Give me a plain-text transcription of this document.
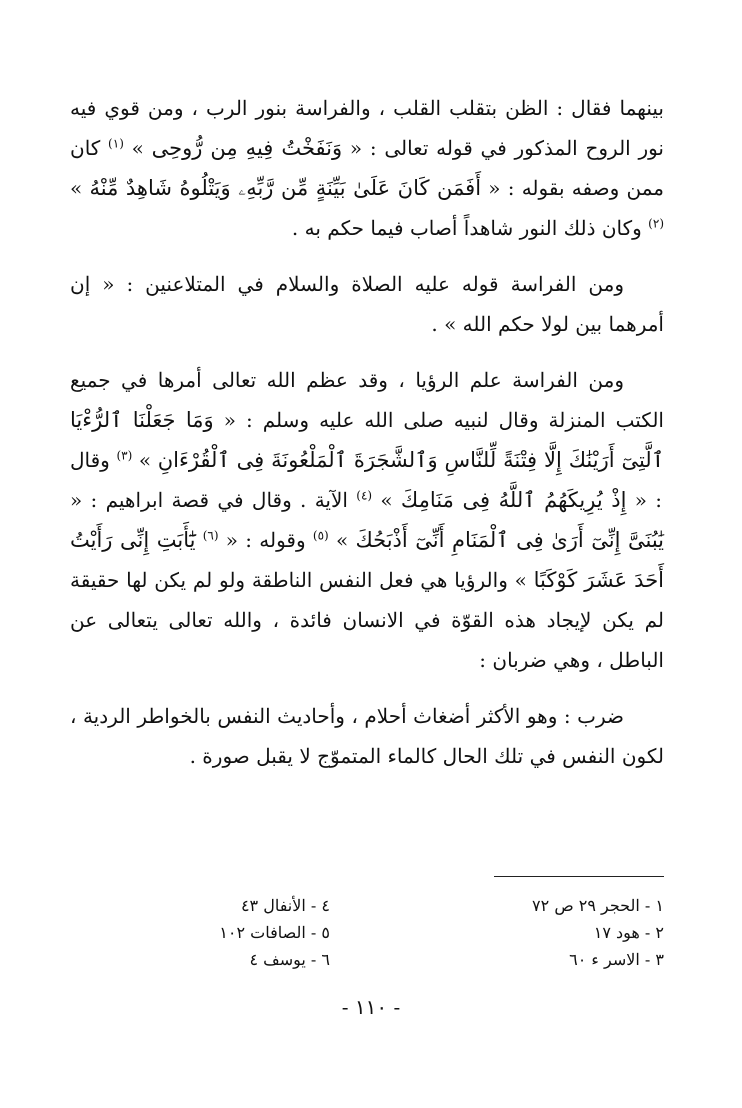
بينهما فقال : الظن بتقلب القلب ، والفراسة بنور الرب ، ومن قوي فيه نور الروح المذكور في قوله تعالى : « وَنَفَخْتُ فِيهِ مِن رُّوحِى » $^{(١)}$ كان ممن وصفه بقوله : « أَفَمَن كَانَ عَلَىٰ بَيِّنَةٍ مِّن رَّبِّهِۦ وَيَتْلُوهُ شَاهِدٌ مِّنْهُ » $^{(٢)}$ وكان ذلك النور شاهداً أصاب فيما حكم به .

ومن الفراسة قوله عليه الصلاة والسلام في المتلاعنين : « إن أمرهما بين لولا حكم الله » .

ومن الفراسة علم الرؤيا ، وقد عظم الله تعالى أمرها في جميع الكتب المنزلة وقال لنبيه صلى الله عليه وسلم : « وَمَا جَعَلْنَا ٱلرُّءْيَا ٱلَّتِىٓ أَرَيْنَٰكَ إِلَّا فِتْنَةً لِّلنَّاسِ وَٱلشَّجَرَةَ ٱلْمَلْعُونَةَ فِى ٱلْقُرْءَانِ » $^{(٣)}$ وقال : « إِذْ يُرِيكَهُمُ ٱللَّهُ فِى مَنَامِكَ » $^{(٤)}$ الآية . وقال في قصة ابراهيم : « يَٰبُنَىَّ إِنِّىٓ أَرَىٰ فِى ٱلْمَنَامِ أَنِّىٓ أَذْبَحُكَ » $^{(٥)}$ وقوله : « $^{(٦)}$ يَٰٓأَبَتِ إِنِّى رَأَيْتُ أَحَدَ عَشَرَ كَوْكَبًا » والرؤيا هي فعل النفس الناطقة ولو لم يكن لها حقيقة لم يكن لإيجاد هذه القوّة في الانسان فائدة ، والله تعالى يتعالى عن الباطل ، وهي ضربان :

ضرب : وهو الأكثر أضغاث أحلام ، وأحاديث النفس بالخواطر الردية ، لكون النفس في تلك الحال كالماء المتموّج لا يقبل صورة .

١ - الحجر ٢٩ ص ٧٢
٢ - هود ١٧
٣ - الاسر ء ٦٠
٤ - الأنفال ٤٣
٥ - الصافات ١٠٢
٦ - يوسف ٤
- ١١٠ -
